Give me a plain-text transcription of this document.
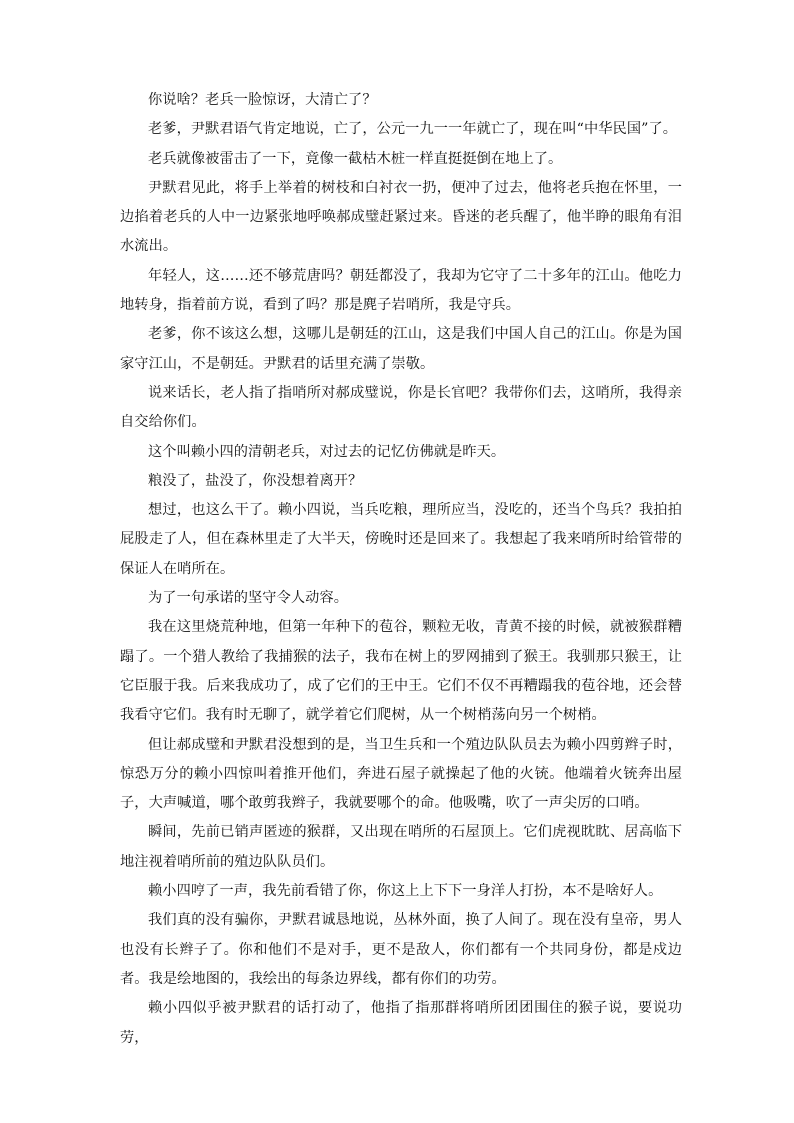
你说啥？老兵一脸惊讶，大清亡了？

老爹，尹默君语气肯定地说，亡了，公元一九一一年就亡了，现在叫“中华民国”了。

老兵就像被雷击了一下，竟像一截枯木桩一样直挺挺倒在地上了。

尹默君见此，将手上举着的树枝和白衬衣一扔，便冲了过去，他将老兵抱在怀里，一边掐着老兵的人中一边紧张地呼唤郝成璧赶紧过来。昏迷的老兵醒了，他半睁的眼角有泪水流出。

年轻人，这……还不够荒唐吗？朝廷都没了，我却为它守了二十多年的江山。他吃力地转身，指着前方说，看到了吗？那是麂子岩哨所，我是守兵。

老爹，你不该这么想，这哪儿是朝廷的江山，这是我们中国人自己的江山。你是为国家守江山，不是朝廷。尹默君的话里充满了崇敬。

说来话长，老人指了指哨所对郝成璧说，你是长官吧？我带你们去，这哨所，我得亲自交给你们。

这个叫赖小四的清朝老兵，对过去的记忆仿佛就是昨天。

粮没了，盐没了，你没想着离开？

想过，也这么干了。赖小四说，当兵吃粮，理所应当，没吃的，还当个鸟兵？我拍拍屁股走了人，但在森林里走了大半天，傍晚时还是回来了。我想起了我来哨所时给管带的保证人在哨所在。

为了一句承诺的坚守令人动容。

我在这里烧荒种地，但第一年种下的苞谷，颗粒无收，青黄不接的时候，就被猴群糟蹋了。一个猎人教给了我捕猴的法子，我布在树上的罗网捕到了猴王。我驯那只猴王，让它臣服于我。后来我成功了，成了它们的王中王。它们不仅不再糟蹋我的苞谷地，还会替我看守它们。我有时无聊了，就学着它们爬树，从一个树梢荡向另一个树梢。

但让郝成璧和尹默君没想到的是，当卫生兵和一个殖边队队员去为赖小四剪辫子时，惊恐万分的赖小四惊叫着推开他们，奔进石屋子就操起了他的火铳。他端着火铳奔出屋子，大声喊道，哪个敢剪我辫子，我就要哪个的命。他吸嘴，吹了一声尖厉的口哨。

瞬间，先前已销声匿迹的猴群，又出现在哨所的石屋顶上。它们虎视眈眈、居高临下地注视着哨所前的殖边队队员们。

赖小四哼了一声，我先前看错了你，你这上上下下一身洋人打扮，本不是啥好人。

我们真的没有骗你，尹默君诚恳地说，丛林外面，换了人间了。现在没有皇帝，男人也没有长辫子了。你和他们不是对手，更不是敌人，你们都有一个共同身份，都是戍边者。我是绘地图的，我绘出的每条边界线，都有你们的功劳。

赖小四似乎被尹默君的话打动了，他指了指那群将哨所团团围住的猴子说，要说功劳，
